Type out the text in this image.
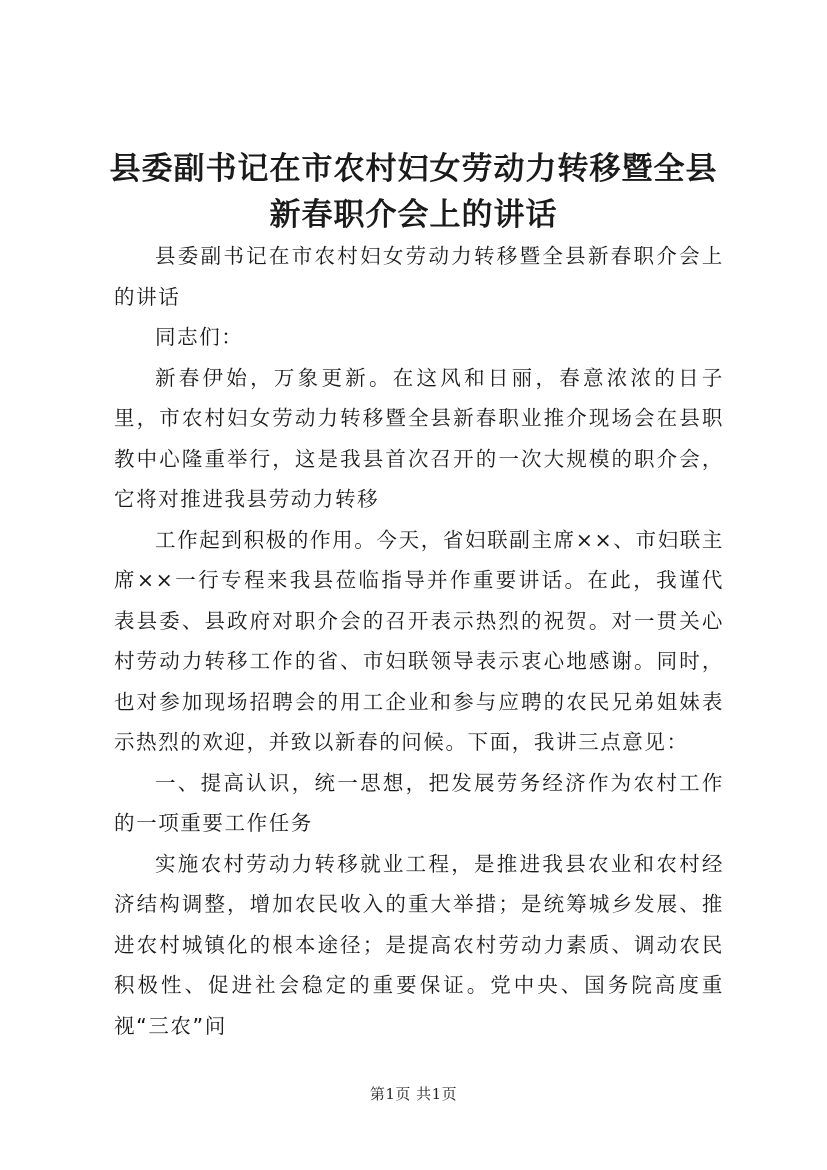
县委副书记在市农村妇女劳动力转移暨全县新春职介会上的讲话

县委副书记在市农村妇女劳动力转移暨全县新春职介会上的讲话

同志们：

新春伊始，万象更新。在这风和日丽，春意浓浓的日子里，市农村妇女劳动力转移暨全县新春职业推介现场会在县职教中心隆重举行，这是我县首次召开的一次大规模的职介会，它将对推进我县劳动力转移

工作起到积极的作用。今天，省妇联副主席××、市妇联主席××一行专程来我县莅临指导并作重要讲话。在此，我谨代表县委、县政府对职介会的召开表示热烈的祝贺。对一贯关心村劳动力转移工作的省、市妇联领导表示衷心地感谢。同时，也对参加现场招聘会的用工企业和参与应聘的农民兄弟姐妹表示热烈的欢迎，并致以新春的问候。下面，我讲三点意见：

一、提高认识，统一思想，把发展劳务经济作为农村工作的一项重要工作任务

实施农村劳动力转移就业工程，是推进我县农业和农村经济结构调整，增加农民收入的重大举措；是统筹城乡发展、推进农村城镇化的根本途径；是提高农村劳动力素质、调动农民积极性、促进社会稳定的重要保证。党中央、国务院高度重视“三农”问

第1页 共1页
